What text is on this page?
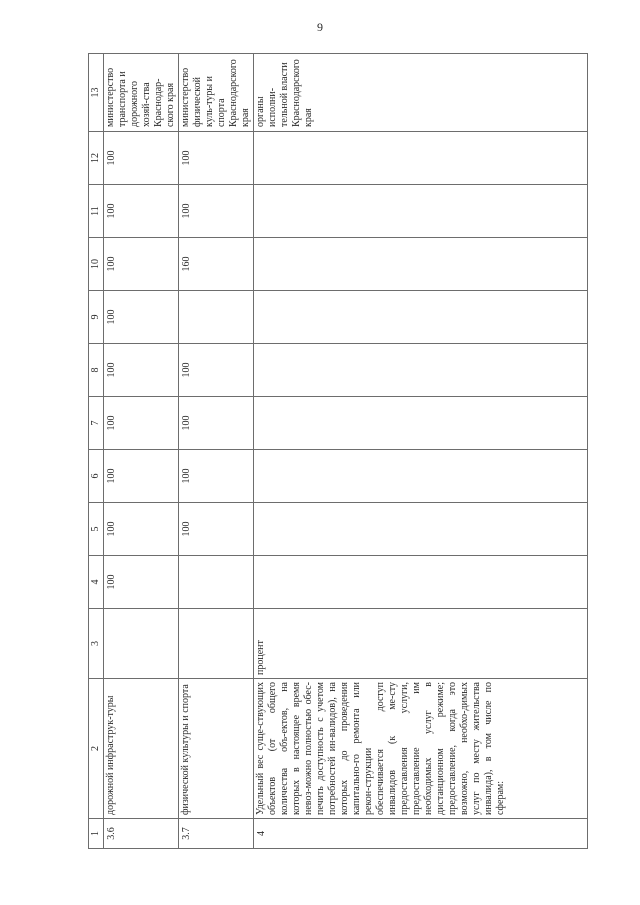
9
1	2	3	4	5	6	7	8	9	10	11	12	13
3.6	дорожной инфраструк-туры		100	100	100	100	100	100	100	100	100	министерство транспорта и дорожного хозяй-ства Краснодар-ского края
3.7	физической культуры и спорта			100	100	100	100		160	100	100	министерство физической куль-туры и спорта Краснодарского края
4	Удельный вес суще-ствующих объектов (от общего количества объ-ектов, на которых в настоящее время невоз-можно полностью обес-печить доступность с учетом потребностей ин-валидов), на которых до проведения капитально-го ремонта или рекон-струкции обеспечивается доступ инвалидов (к ме-сту предоставления услуги, предоставление им необходимых услуг в дистанционном режиме; предоставление, когда это возможно, необхо-димых услуг по месту жительства инвалида), в том числе по сферам:	процент										органы исполни-тельной власти Краснодарского края
